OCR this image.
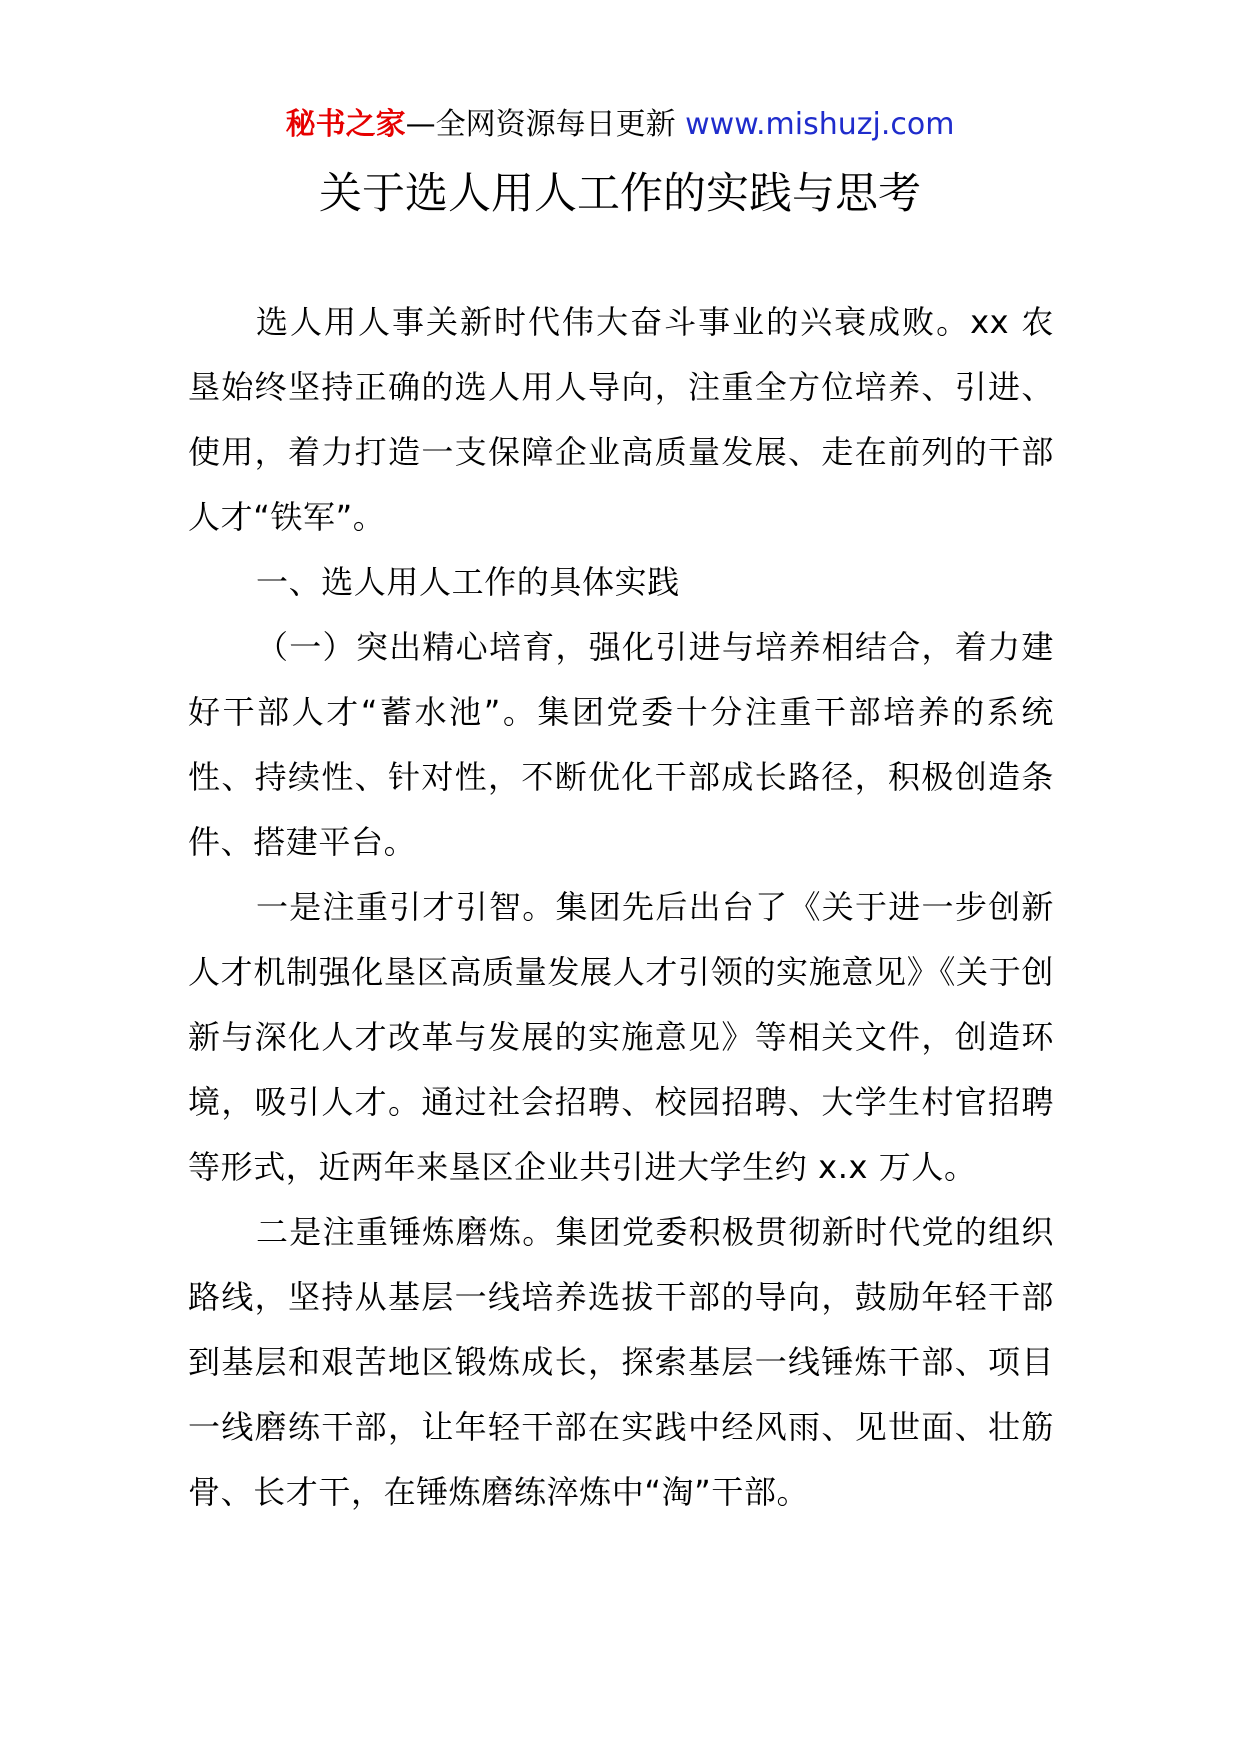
秘书之家—全网资源每日更新 www.mishuzj.com
关于选人用人工作的实践与思考

选人用人事关新时代伟大奋斗事业的兴衰成败。xx 农垦始终坚持正确的选人用人导向，注重全方位培养、引进、使用，着力打造一支保障企业高质量发展、走在前列的干部人才“铁军”。

一、选人用人工作的具体实践

（一）突出精心培育，强化引进与培养相结合，着力建好干部人才“蓄水池”。集团党委十分注重干部培养的系统性、持续性、针对性，不断优化干部成长路径，积极创造条件、搭建平台。

一是注重引才引智。集团先后出台了《关于进一步创新人才机制强化垦区高质量发展人才引领的实施意见》《关于创新与深化人才改革与发展的实施意见》等相关文件，创造环境，吸引人才。通过社会招聘、校园招聘、大学生村官招聘等形式，近两年来垦区企业共引进大学生约 x.x 万人。

二是注重锤炼磨炼。集团党委积极贯彻新时代党的组织路线，坚持从基层一线培养选拔干部的导向，鼓励年轻干部到基层和艰苦地区锻炼成长，探索基层一线锤炼干部、项目一线磨练干部，让年轻干部在实践中经风雨、见世面、壮筋骨、长才干，在锤炼磨练淬炼中“淘”干部。
